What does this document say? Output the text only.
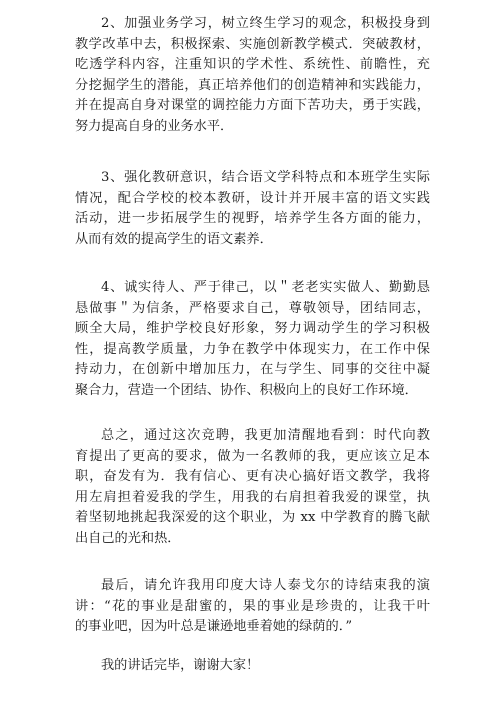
2、加强业务学习，树立终生学习的观念，积极投身到
教学改革中去，积极探索、实施创新教学模式．突破教材，
吃透学科内容，注重知识的学术性、系统性、前瞻性，充
分挖掘学生的潜能，真正培养他们的创造精神和实践能力，
并在提高自身对课堂的调控能力方面下苦功夫，勇于实践，
努力提高自身的业务水平．
3、强化教研意识，结合语文学科特点和本班学生实际
情况，配合学校的校本教研，设计并开展丰富的语文实践
活动，进一步拓展学生的视野，培养学生各方面的能力，
从而有效的提高学生的语文素养．
4、诚实待人、严于律己，以＂老老实实做人、勤勤恳
恳做事＂为信条，严格要求自己，尊敬领导，团结同志，
顾全大局，维护学校良好形象，努力调动学生的学习积极
性，提高教学质量，力争在教学中体现实力，在工作中保
持动力，在创新中增加压力，在与学生、同事的交往中凝
聚合力，营造一个团结、协作、积极向上的良好工作环境．
总之，通过这次竞聘，我更加清醒地看到：时代向教
育提出了更高的要求，做为一名教师的我，更应该立足本
职，奋发有为．我有信心、更有决心搞好语文教学，我将
用左肩担着爱我的学生，用我的右肩担着我爱的课堂，执
着坚韧地挑起我深爱的这个职业，为 xx 中学教育的腾飞献
出自己的光和热．
最后，请允许我用印度大诗人泰戈尔的诗结束我的演
讲：“花的事业是甜蜜的，果的事业是珍贵的，让我干叶
的事业吧，因为叶总是谦逊地垂着她的绿荫的．”
我的讲话完毕，谢谢大家！
